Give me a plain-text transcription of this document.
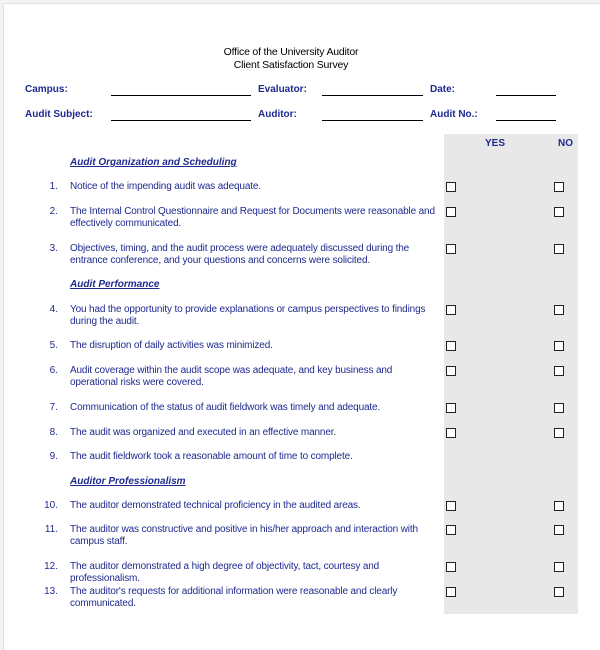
Office of the University Auditor
Client Satisfaction Survey
Campus:	Evaluator:	Date:
Audit Subject:	Auditor:	Audit No.:
YES	NO
Audit Organization and Scheduling
Audit Performance
Auditor Professionalism
1. Notice of the impending audit was adequate.
2. The Internal Control Questionnaire and Request for Documents were reasonable and effectively communicated.
3. Objectives, timing, and the audit process were adequately discussed during the entrance conference, and your questions and concerns were solicited.
4. You had the opportunity to provide explanations or campus perspectives to findings during the audit.
5. The disruption of daily activities was minimized.
6. Audit coverage within the audit scope was adequate, and key business and operational risks were covered.
7. Communication of the status of audit fieldwork was timely and adequate.
8. The audit was organized and executed in an effective manner.
9. The audit fieldwork took a reasonable amount of time to complete.
10. The auditor demonstrated technical proficiency in the audited areas.
11. The auditor was constructive and positive in his/her approach and interaction with campus staff.
12. The auditor demonstrated a high degree of objectivity, tact, courtesy and professionalism.
13. The auditor's requests for additional information were reasonable and clearly communicated.
